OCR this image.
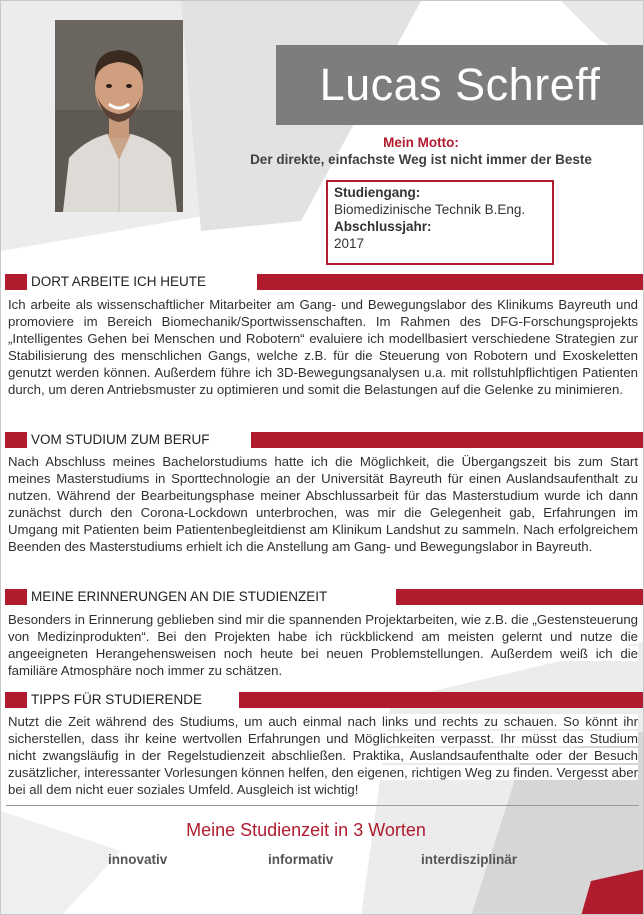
Lucas Schreff
Mein Motto:
Der direkte, einfachste Weg ist nicht immer der Beste
Studiengang:
Biomedizinische Technik B.Eng.
Abschlussjahr:
2017
DORT ARBEITE ICH HEUTE
Ich arbeite als wissenschaftlicher Mitarbeiter am Gang- und Bewegungslabor des Klinikums Bayreuth und promoviere im Bereich Biomechanik/Sportwissenschaften. Im Rahmen des DFG-Forschungsprojekts „Intelligentes Gehen bei Menschen und Robotern“ evaluiere ich modellbasiert verschiedene Strategien zur Stabilisierung des menschlichen Gangs, welche z.B. für die Steuerung von Robotern und Exoskeletten genutzt werden können. Außerdem führe ich 3D-Bewegungsanalysen u.a. mit rollstuhlpflichtigen Patienten durch, um deren Antriebsmuster zu optimieren und somit die Belastungen auf die Gelenke zu minimieren.
VOM STUDIUM ZUM BERUF
Nach Abschluss meines Bachelorstudiums hatte ich die Möglichkeit, die Übergangszeit bis zum Start meines Masterstudiums in Sporttechnologie an der Universität Bayreuth für einen Auslandsaufenthalt zu nutzen. Während der Bearbeitungsphase meiner Abschlussarbeit für das Masterstudium wurde ich dann zunächst durch den Corona-Lockdown unterbrochen, was mir die Gelegenheit gab, Erfahrungen im Umgang mit Patienten beim Patientenbegleitdienst am Klinikum Landshut zu sammeln. Nach erfolgreichem Beenden des Masterstudiums erhielt ich die Anstellung am Gang- und Bewegungslabor in Bayreuth.
MEINE ERINNERUNGEN AN DIE STUDIENZEIT
Besonders in Erinnerung geblieben sind mir die spannenden Projektarbeiten, wie z.B. die „Gestensteuerung von Medizinprodukten“. Bei den Projekten habe ich rückblickend am meisten gelernt und nutze die angeeigneten Herangehensweisen noch heute bei neuen Problemstellungen. Außerdem weiß ich die familiäre Atmosphäre noch immer zu schätzen.
TIPPS FÜR STUDIERENDE
Nutzt die Zeit während des Studiums, um auch einmal nach links und rechts zu schauen. So könnt ihr sicherstellen, dass ihr keine wertvollen Erfahrungen und Möglichkeiten verpasst. Ihr müsst das Studium nicht zwangsläufig in der Regelstudienzeit abschließen. Praktika, Auslandsaufenthalte oder der Besuch zusätzlicher, interessanter Vorlesungen können helfen, den eigenen, richtigen Weg zu finden. Vergesst aber bei all dem nicht euer soziales Umfeld. Ausgleich ist wichtig!
Meine Studienzeit in 3 Worten
innovativ	informativ	interdisziplinär
